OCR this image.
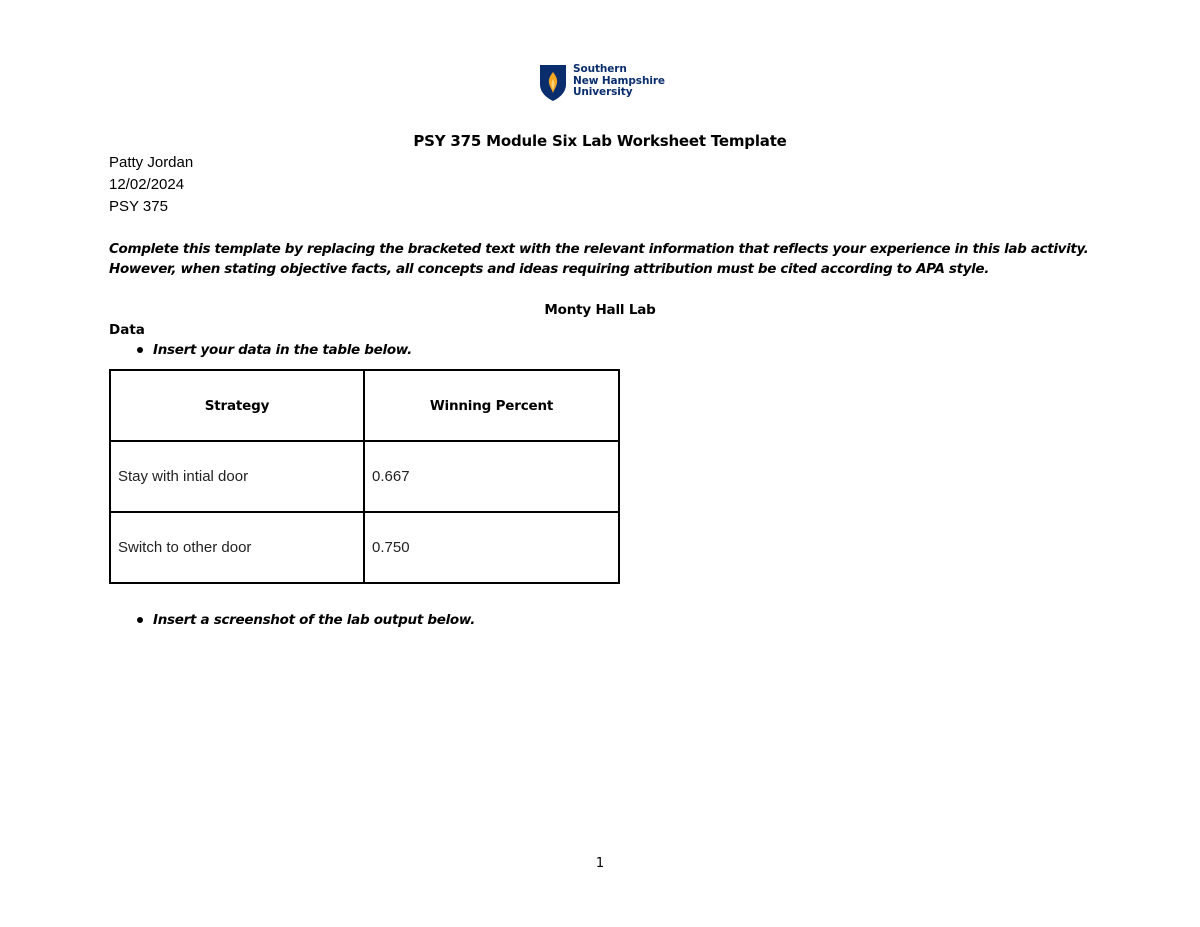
Southern
New Hampshire
University
PSY 375 Module Six Lab Worksheet Template
Patty Jordan
12/02/2024
PSY 375
Complete this template by replacing the bracketed text with the relevant information that reflects your experience in this lab activity.
However, when stating objective facts, all concepts and ideas requiring attribution must be cited according to APA style.
Monty Hall Lab
Data
Insert your data in the table below.
Strategy	Winning Percent
Stay with intial door	0.667
Switch to other door	0.750
Insert a screenshot of the lab output below.
1
